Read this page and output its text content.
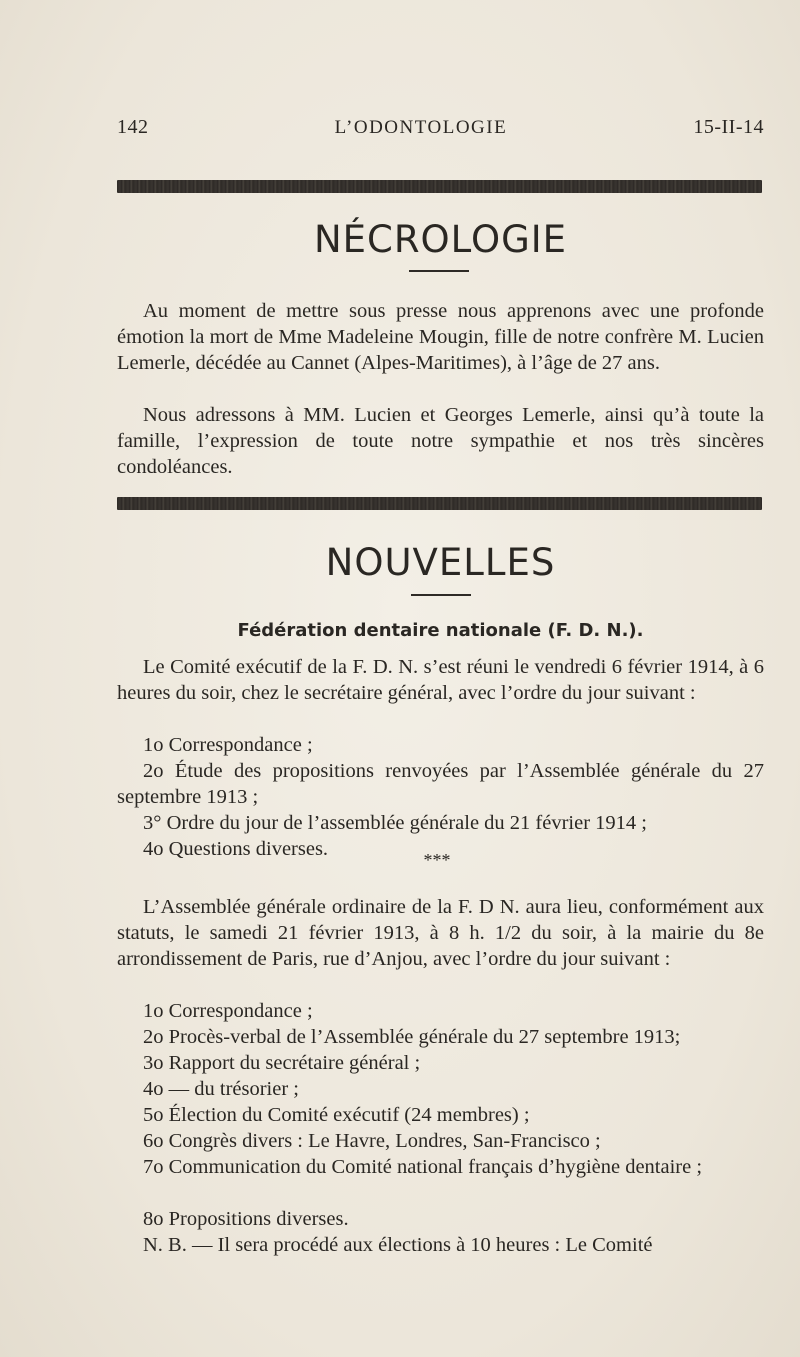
142	L’ODONTOLOGIE	15-II-14
NÉCROLOGIE

Au moment de mettre sous presse nous apprenons avec une profonde émotion la mort de Mme Madeleine Mougin, fille de notre confrère M. Lucien Lemerle, décédée au Cannet (Alpes-Maritimes), à l’âge de 27 ans.

Nous adressons à MM. Lucien et Georges Lemerle, ainsi qu’à toute la famille, l’expression de toute notre sympathie et nos très sincères condoléances.

NOUVELLES
Fédération dentaire nationale (F. D. N.).

Le Comité exécutif de la F. D. N. s’est réuni le vendredi 6 février 1914, à 6 heures du soir, chez le secrétaire général, avec l’ordre du jour suivant :

1o Correspondance ;

2o Étude des propositions renvoyées par l’Assemblée générale du 27 septembre 1913 ;

3° Ordre du jour de l’assemblée générale du 21 février 1914 ;
4o Questions diverses.	***

L’Assemblée générale ordinaire de la F. D N. aura lieu, conformément aux statuts, le samedi 21 février 1913, à 8 h. 1/2 du soir, à la mairie du 8e arrondissement de Paris, rue d’Anjou, avec l’ordre du jour suivant :

1o Correspondance ;
2o Procès-verbal de l’Assemblée générale du 27 septembre 1913;
3o Rapport du secrétaire général ;
4o — du trésorier ;
5o Élection du Comité exécutif (24 membres) ;
6o Congrès divers : Le Havre, Londres, San-Francisco ;

7o Communication du Comité national français d’hygiène dentaire ;

8o Propositions diverses.

N. B. — Il sera procédé aux élections à 10 heures : Le Comité
